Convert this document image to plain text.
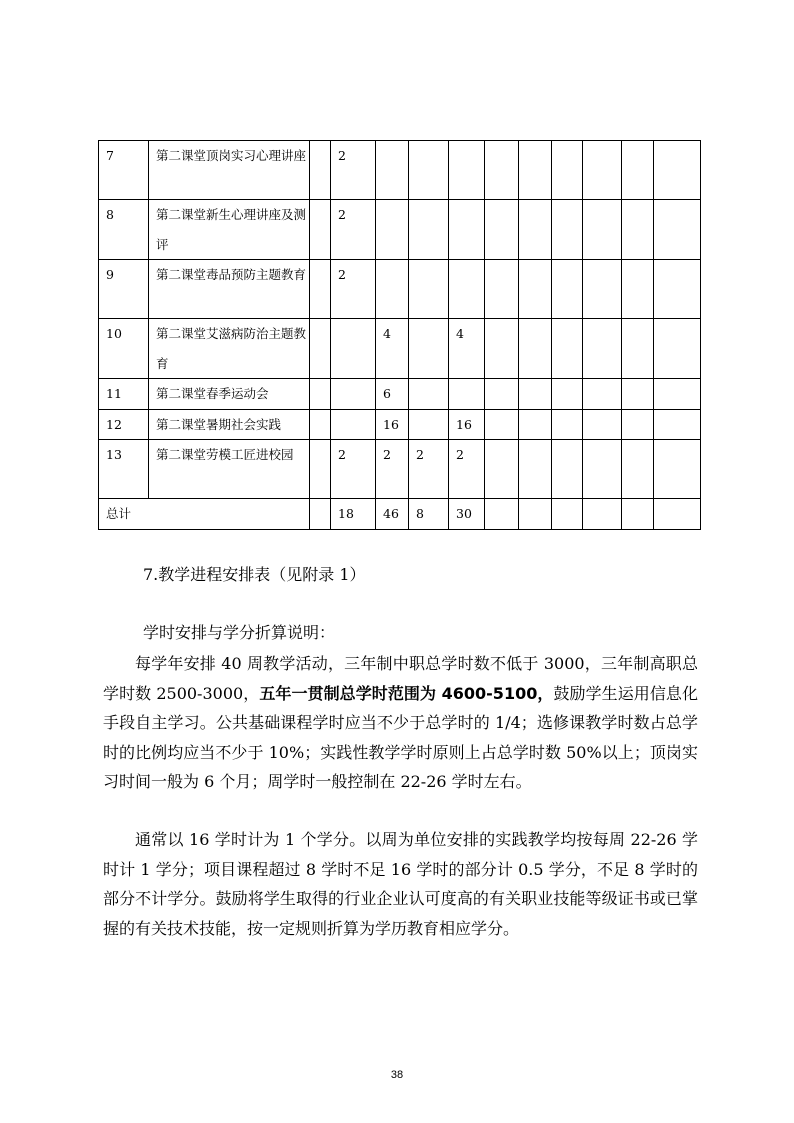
7	第二课堂顶岗实习心理讲座		2									
8	第二课堂新生心理讲座及测评		2									
9	第二课堂毒品预防主题教育		2									
10	第二课堂艾滋病防治主题教育			4		4						
11	第二课堂春季运动会			6								
12	第二课堂暑期社会实践			16		16						
13	第二课堂劳模工匠进校园		2	2	2	2						
总计			18	46	8	30						
7.教学进程安排表（见附录 1）
学时安排与学分折算说明：

每学年安排 40 周教学活动，三年制中职总学时数不低于 3000，三年制高职总学时数 2500-3000，五年一贯制总学时范围为 4600-5100，鼓励学生运用信息化手段自主学习。公共基础课程学时应当不少于总学时的 1/4；选修课教学时数占总学时的比例均应当不少于 10%；实践性教学学时原则上占总学时数 50%以上；顶岗实习时间一般为 6 个月；周学时一般控制在 22-26 学时左右。

通常以 16 学时计为 1 个学分。以周为单位安排的实践教学均按每周 22-26 学时计 1 学分；项目课程超过 8 学时不足 16 学时的部分计 0.5 学分，不足 8 学时的部分不计学分。鼓励将学生取得的行业企业认可度高的有关职业技能等级证书或已掌握的有关技术技能，按一定规则折算为学历教育相应学分。

38
